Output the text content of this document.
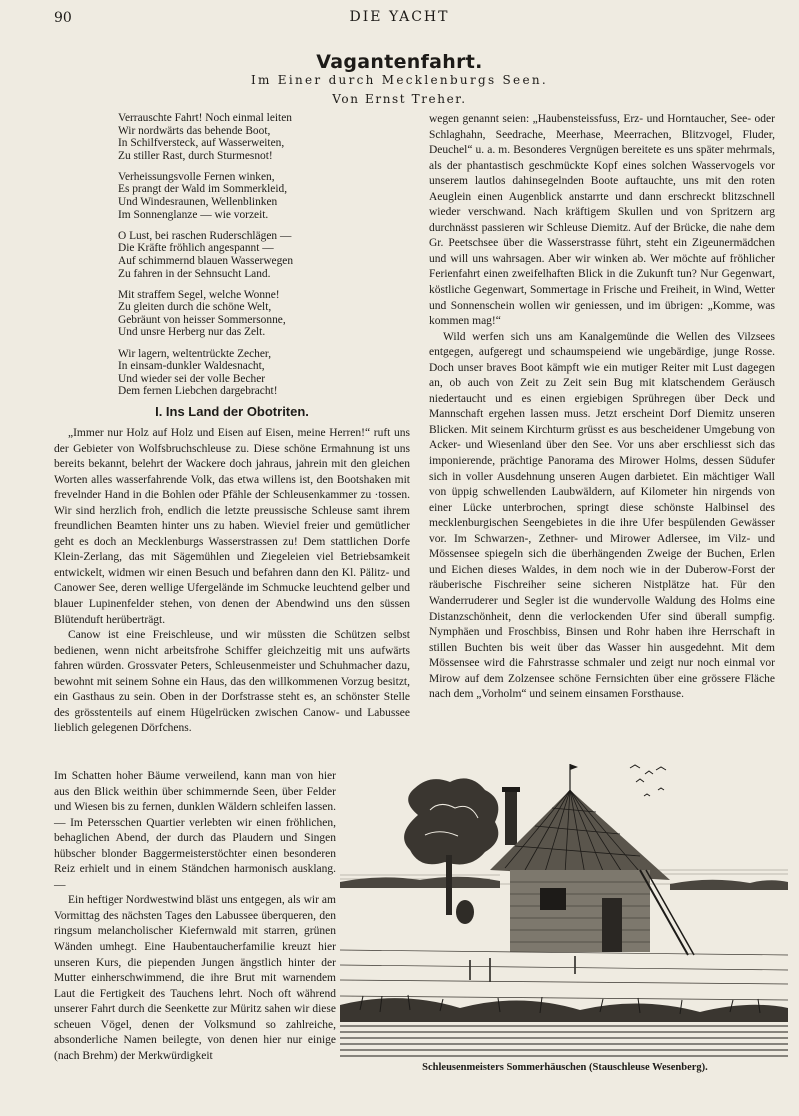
90	DIE YACHT
Vagantenfahrt.
Im Einer durch Mecklenburgs Seen.
Von Ernst Treher.
Verrauschte Fahrt! Noch einmal leiten
Wir nordwärts das behende Boot,
In Schilfversteck, auf Wasserweiten,
Zu stiller Rast, durch Sturmesnot!
Verheissungsvolle Fernen winken,
Es prangt der Wald im Sommerkleid,
Und Windesraunen, Wellenblinken
Im Sonnenglanze — wie vorzeit.
O Lust, bei raschen Ruderschlägen —
Die Kräfte fröhlich angespannt —
Auf schimmernd blauen Wasserwegen
Zu fahren in der Sehnsucht Land.
Mit straffem Segel, welche Wonne!
Zu gleiten durch die schöne Welt,
Gebräunt von heisser Sommersonne,
Und unsre Herberg nur das Zelt.
Wir lagern, weltentrückte Zecher,
In einsam-dunkler Waldesnacht,
Und wieder sei der volle Becher
Dem fernen Liebchen dargebracht!
I. Ins Land der Obotriten.

„Immer nur Holz auf Holz und Eisen auf Eisen, meine Herren!“ ruft uns der Gebieter von Wolfsbruchschleuse zu. Diese schöne Ermahnung ist uns bereits bekannt, belehrt der Wackere doch jahraus, jahrein mit den gleichen Worten alles wasserfahrende Volk, das etwa willens ist, den Bootshaken mit frevelnder Hand in die Bohlen oder Pfähle der Schleusenkammer zu ·tossen. Wir sind herzlich froh, endlich die letzte preussische Schleuse samt ihrem freundlichen Beamten hinter uns zu haben. Wieviel freier und gemütlicher geht es doch an Mecklenburgs Wasserstrassen zu! Dem stattlichen Dorfe Klein-Zerlang, das mit Sägemühlen und Ziegeleien viel Betriebsamkeit entwickelt, widmen wir einen Besuch und befahren dann den Kl. Pälitz- und Canower See, deren wellige Ufergelände im Schmucke leuchtend gelber und blauer Lupinenfelder stehen, von denen der Abendwind uns den süssen Blütenduft herüberträgt.

Canow ist eine Freischleuse, und wir müssten die Schützen selbst bedienen, wenn nicht arbeitsfrohe Schiffer gleichzeitig mit uns aufwärts fahren würden. Grossvater Peters, Schleusenmeister und Schuhmacher dazu, bewohnt mit seinem Sohne ein Haus, das den willkommenen Vorzug besitzt, ein Gasthaus zu sein. Oben in der Dorfstrasse steht es, an schönster Stelle des grösstenteils auf einem Hügelrücken zwischen Canow- und Labussee lieblich gelegenen Dörfchens.

Im Schatten hoher Bäume verweilend, kann man von hier aus den Blick weithin über schimmernde Seen, über Felder und Wiesen bis zu fernen, dunklen Wäldern schleifen lassen. — Im Petersschen Quartier verlebten wir einen fröhlichen, behaglichen Abend, der durch das Plaudern und Singen hübscher blonder Baggermeisterstöchter einen besonderen Reiz erhielt und in einem Ständchen harmonisch ausklang. —

Ein heftiger Nordwestwind bläst uns entgegen, als wir am Vormittag des nächsten Tages den Labussee überqueren, den ringsum melancholischer Kiefernwald mit starren, grünen Wänden umhegt. Eine Haubentaucherfamilie kreuzt hier unseren Kurs, die piependen Jungen ängstlich hinter der Mutter einherschwimmend, die ihre Brut mit warnendem Laut die Fertigkeit des Tauchens lehrt. Noch oft während unserer Fahrt durch die Seenkette zur Müritz sahen wir diese scheuen Vögel, denen der Volksmund so zahlreiche, absonderliche Namen beilegte, von denen hier nur einige (nach Brehm) der Merkwürdigkeit

wegen genannt seien: „Haubensteissfuss, Erz- und Horntaucher, See- oder Schlaghahn, Seedrache, Meerhase, Meerrachen, Blitzvogel, Fluder, Deuchel“ u. a. m. Besonderes Vergnügen bereitete es uns später mehrmals, als der phantastisch geschmückte Kopf eines solchen Wasservogels vor unserem lautlos dahinsegelnden Boote auftauchte, uns mit den roten Aeuglein einen Augenblick anstarrte und dann erschreckt blitzschnell wieder verschwand. Nach kräftigem Skullen und von Spritzern arg durchnässt passieren wir Schleuse Diemitz. Auf der Brücke, die nahe dem Gr. Peetschsee über die Wasserstrasse führt, steht ein Zigeunermädchen und will uns wahrsagen. Aber wir winken ab. Wer möchte auf fröhlicher Ferienfahrt einen zweifelhaften Blick in die Zukunft tun? Nur Gegenwart, köstliche Gegenwart, Sommertage in Frische und Freiheit, in Wind, Wetter und Sonnenschein wollen wir geniessen, und im übrigen: „Komme, was kommen mag!“

Wild werfen sich uns am Kanalgemünde die Wellen des Vilzsees entgegen, aufgeregt und schaumspeiend wie ungebärdige, junge Rosse. Doch unser braves Boot kämpft wie ein mutiger Reiter mit Lust dagegen an, ob auch von Zeit zu Zeit sein Bug mit klatschendem Geräusch niedertaucht und es einen ergiebigen Sprühregen über Deck und Mannschaft ergehen lassen muss. Jetzt erscheint Dorf Diemitz unseren Blicken. Mit seinem Kirchturm grüsst es aus bescheidener Umgebung von Acker- und Wiesenland über den See. Vor uns aber erschliesst sich das imponierende, prächtige Panorama des Mirower Holms, dessen Südufer sich in voller Ausdehnung unseren Augen darbietet. Ein mächtiger Wall von üppig schwellenden Laubwäldern, auf Kilometer hin nirgends von einer Lücke unterbrochen, springt diese schönste Halbinsel des mecklenburgischen Seengebietes in die ihre Ufer bespülenden Gewässer vor. Im Schwarzen-, Zethner- und Mirower Adlersee, im Vilz- und Mössensee spiegeln sich die überhängenden Zweige der Buchen, Erlen und Eichen dieses Waldes, in dem noch wie in der Duberow-Forst der räuberische Fischreiher seine sicheren Nistplätze hat. Für den Wanderruderer und Segler ist die wundervolle Waldung des Holms eine Distanzschönheit, denn die verlockenden Ufer sind überall sumpfig. Nymphäen und Froschbiss, Binsen und Rohr haben ihre Herrschaft in stillen Buchten bis weit über das Wasser hin ausgedehnt. Mit dem Mössensee wird die Fahrstrasse schmaler und zeigt nur noch einmal vor Mirow auf dem Zolzensee schöne Fernsichten über eine grössere Fläche nach dem „Vorholm“ und seinem einsamen Forsthause.

Schleusenmeisters Sommerhäuschen (Stauschleuse Wesenberg).
